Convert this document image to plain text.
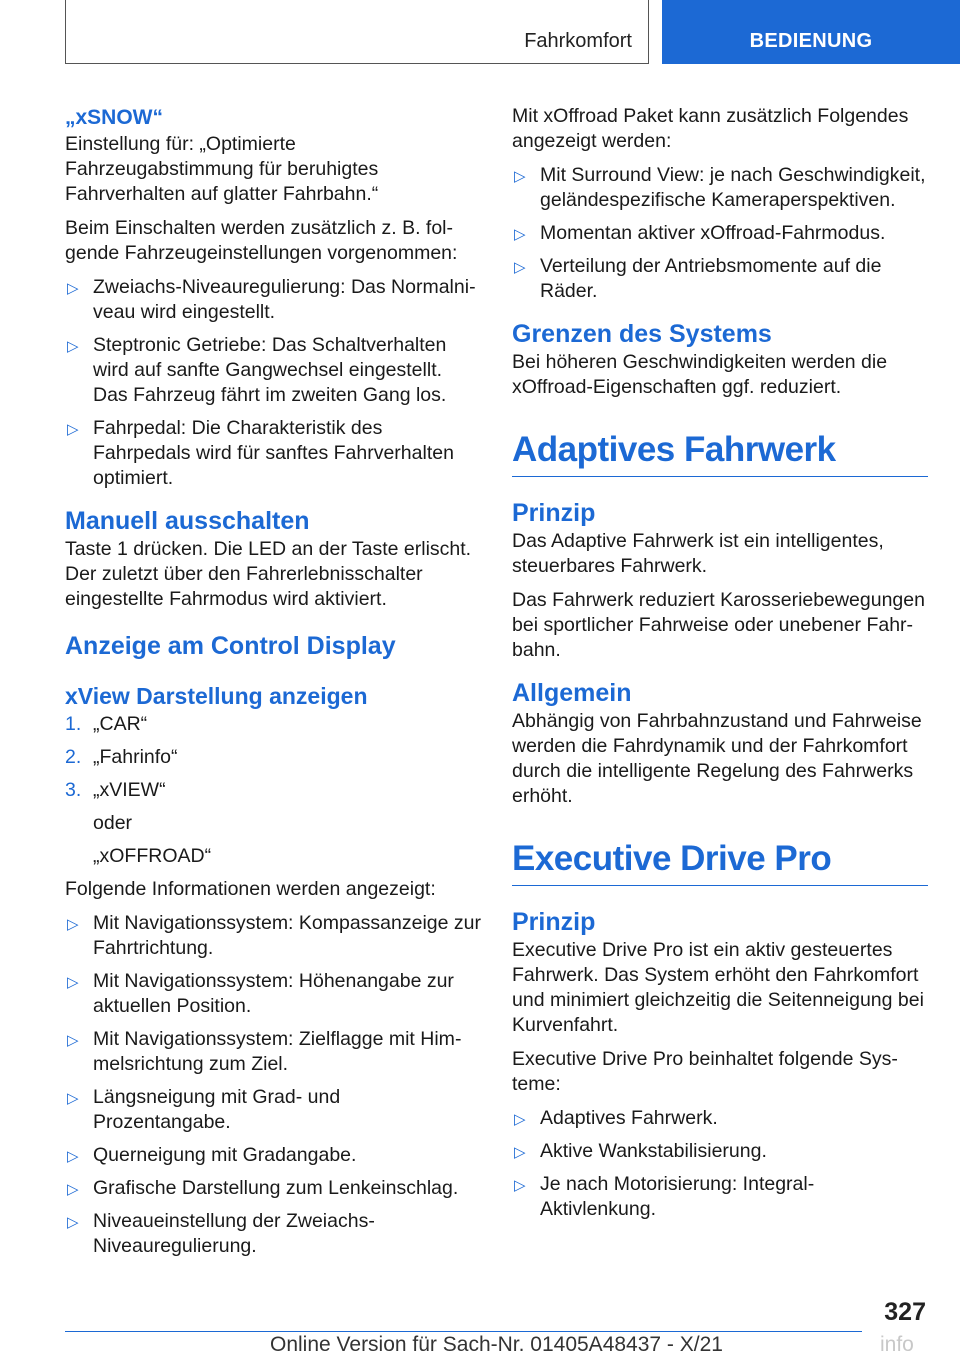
Fahrkomfort	BEDIENUNG
„xSNOW“

Einstellung für: „Optimierte Fahrzeugabstimmung für beruhigtes Fahrverhalten auf glatter Fahrbahn.“

Beim Einschalten werden zusätzlich z. B. folgende Fahrzeugeinstellungen vorgenommen:

▷ Zweiachs-Niveauregulierung: Das Normalniveau wird eingestellt.
▷ Steptronic Getriebe: Das Schaltverhalten wird auf sanfte Gangwechsel eingestellt. Das Fahrzeug fährt im zweiten Gang los.
▷ Fahrpedal: Die Charakteristik des Fahrpedals wird für sanftes Fahrverhalten optimiert.
Manuell ausschalten

Taste 1 drücken. Die LED an der Taste erlischt. Der zuletzt über den Fahrerlebnisschalter eingestellte Fahrmodus wird aktiviert.

Anzeige am Control Display
xView Darstellung anzeigen
1. „CAR“
2. „Fahrinfo“
3. „xVIEW“
oder
„xOFFROAD“

Folgende Informationen werden angezeigt:

▷ Mit Navigationssystem: Kompassanzeige zur Fahrtrichtung.
▷ Mit Navigationssystem: Höhenangabe zur aktuellen Position.
▷ Mit Navigationssystem: Zielflagge mit Himmelsrichtung zum Ziel.
▷ Längsneigung mit Grad- und Prozentangabe.
▷ Querneigung mit Gradangabe.
▷ Grafische Darstellung zum Lenkeinschlag.
▷ Niveaueinstellung der Zweiachs-Niveauregulierung.

Mit xOffroad Paket kann zusätzlich Folgendes angezeigt werden:

▷ Mit Surround View: je nach Geschwindigkeit, geländespezifische Kameraperspektiven.
▷ Momentan aktiver xOffroad-Fahrmodus.
▷ Verteilung der Antriebsmomente auf die Räder.
Grenzen des Systems

Bei höheren Geschwindigkeiten werden die xOffroad-Eigenschaften ggf. reduziert.

Adaptives Fahrwerk
Prinzip

Das Adaptive Fahrwerk ist ein intelligentes, steuerbares Fahrwerk.

Das Fahrwerk reduziert Karosseriebewegungen bei sportlicher Fahrweise oder unebener Fahrbahn.

Allgemein

Abhängig von Fahrbahnzustand und Fahrweise werden die Fahrdynamik und der Fahrkomfort durch die intelligente Regelung des Fahrwerks erhöht.

Executive Drive Pro
Prinzip

Executive Drive Pro ist ein aktiv gesteuertes Fahrwerk. Das System erhöht den Fahrkomfort und minimiert gleichzeitig die Seitenneigung bei Kurvenfahrt.

Executive Drive Pro beinhaltet folgende Systeme:

▷ Adaptives Fahrwerk.
▷ Aktive Wankstabilisierung.
▷ Je nach Motorisierung: Integral-Aktivlenkung.
327
Online Version für Sach-Nr. 01405A48437 - X/21	info
